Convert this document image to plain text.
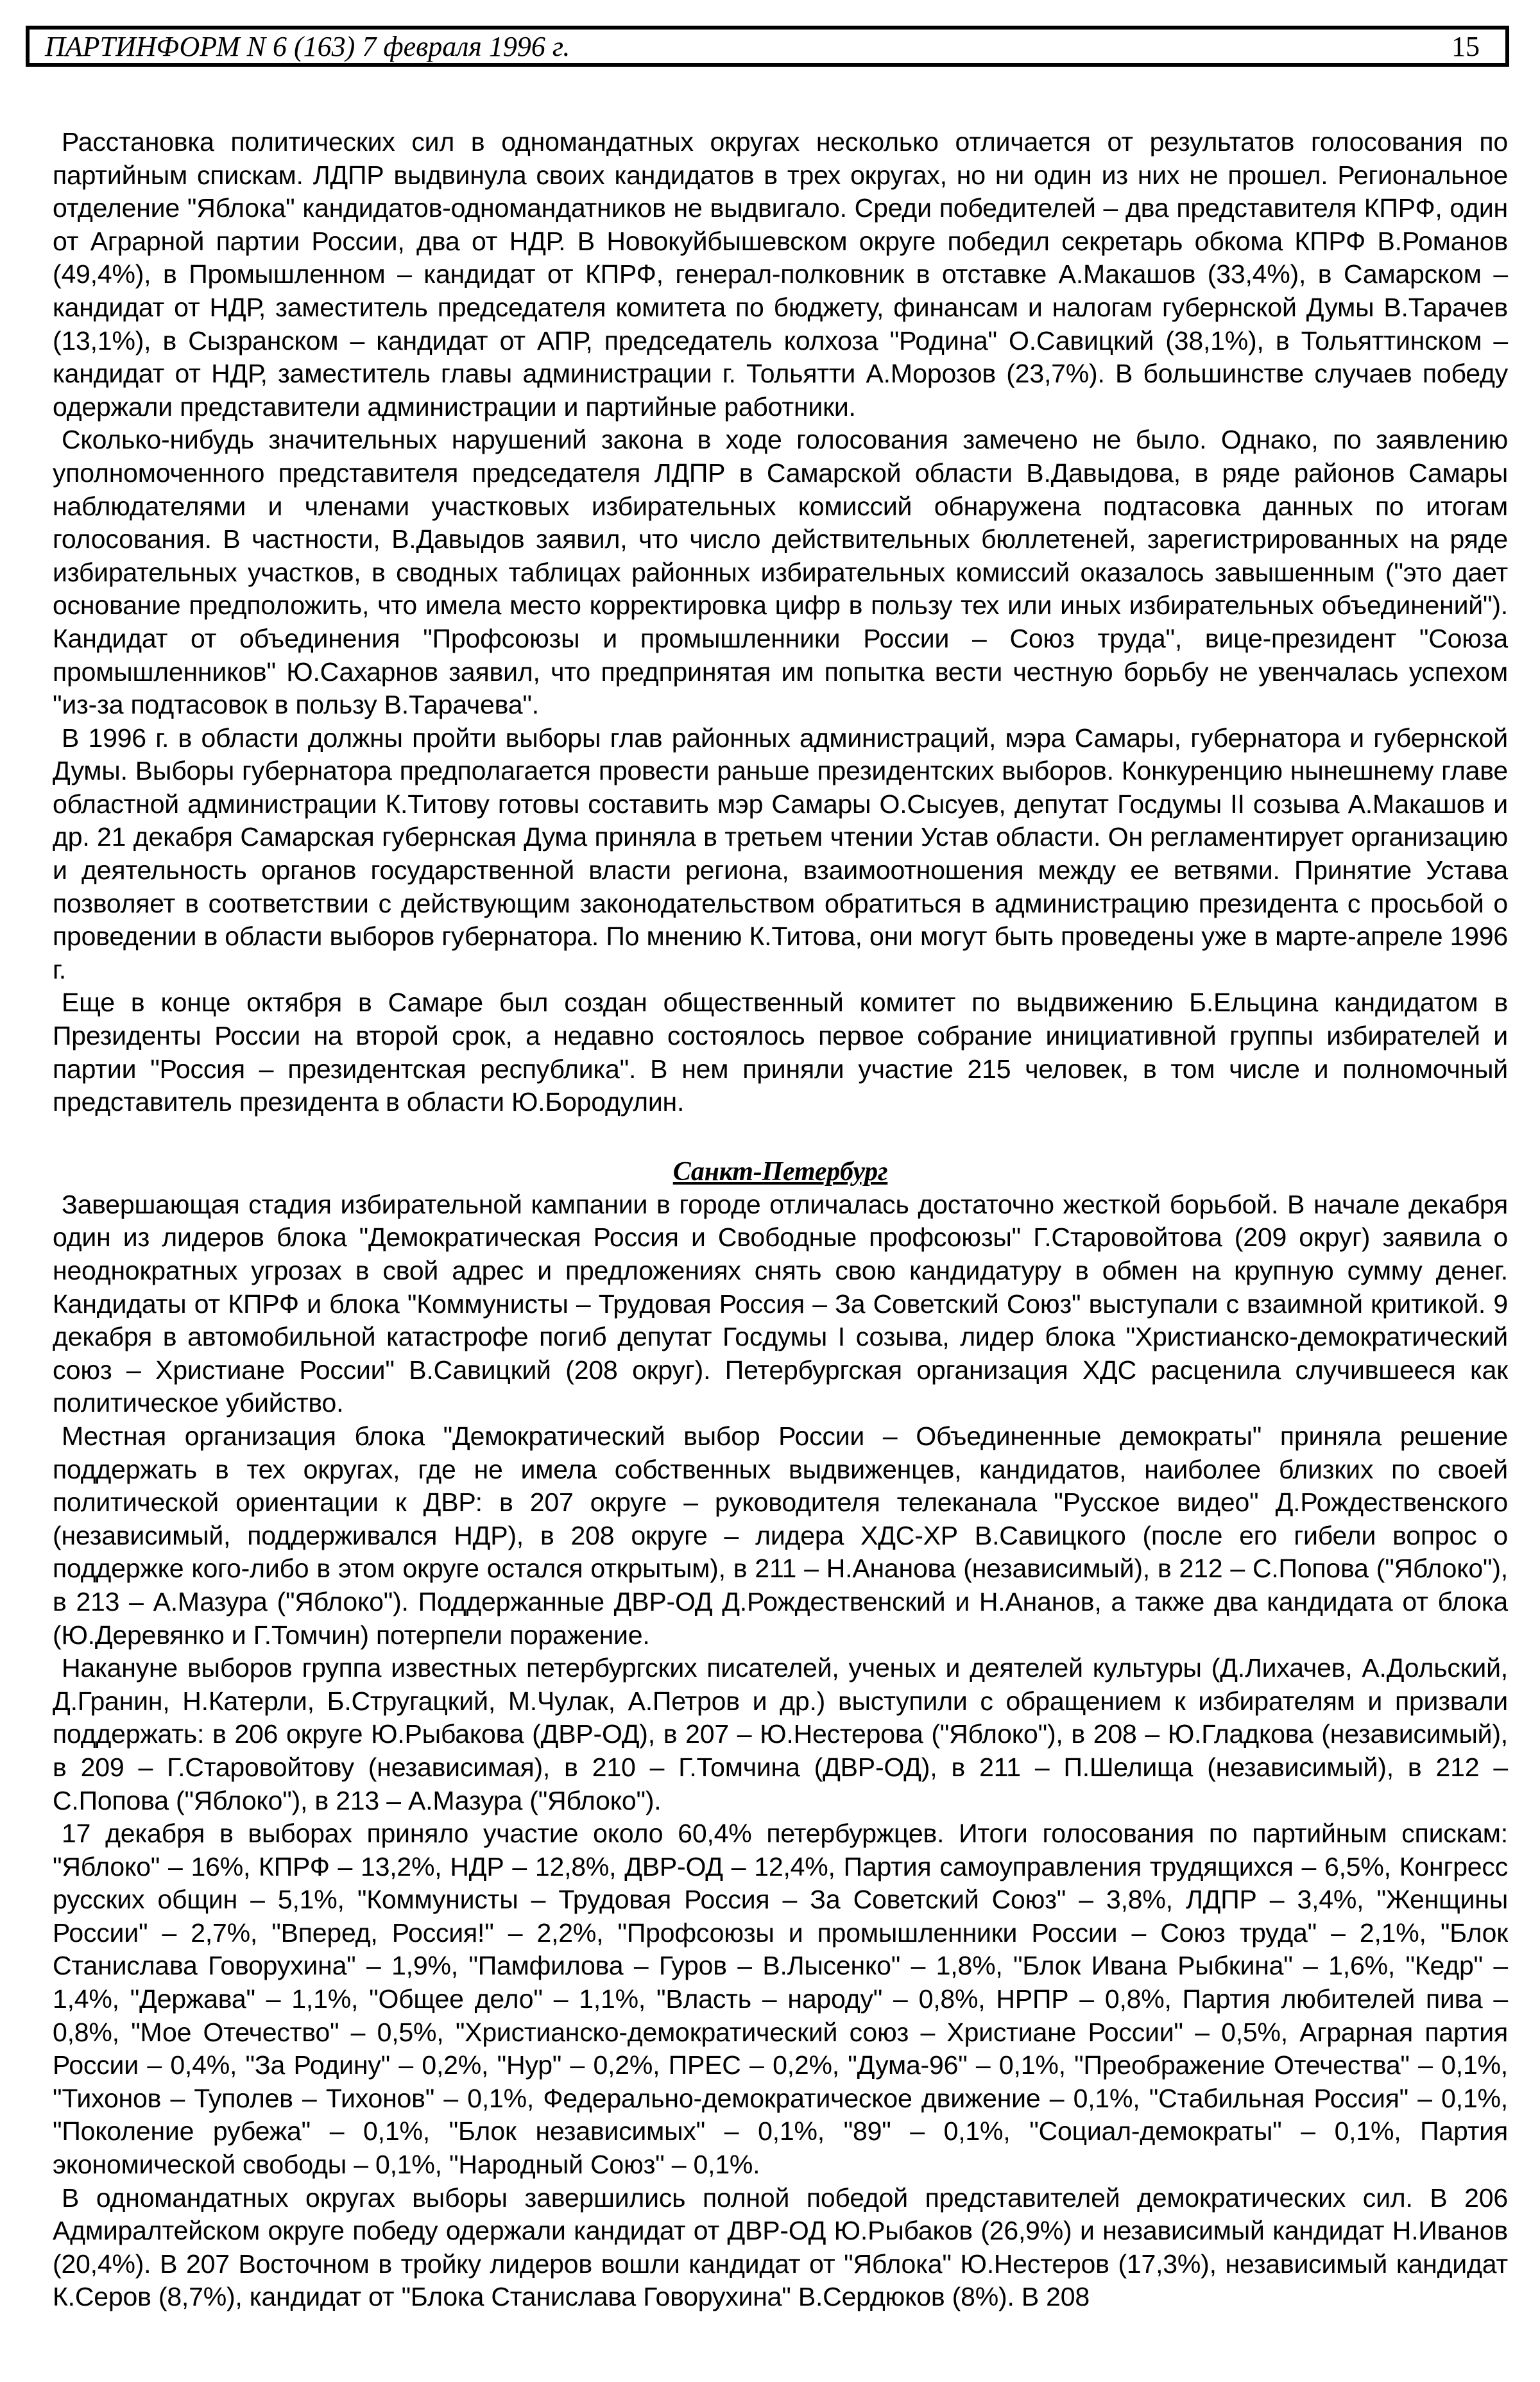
ПАРТИНФОРМ N 6 (163) 7 февраля 1996 г.	15

Расстановка политических сил в одномандатных округах несколько отличается от результатов голосования по партийным спискам. ЛДПР выдвинула своих кандидатов в трех округах, но ни один из них не прошел. Региональное отделение "Яблока" кандидатов-одномандатников не выдвигало. Среди победителей – два представителя КПРФ, один от Аграрной партии России, два от НДР. В Новокуйбышевском округе победил секретарь обкома КПРФ В.Романов (49,4%), в Промышленном – кандидат от КПРФ, генерал-полковник в отставке А.Макашов (33,4%), в Самарском – кандидат от НДР, заместитель председателя комитета по бюджету, финансам и налогам губернской Думы В.Тарачев (13,1%), в Сызранском – кандидат от АПР, председатель колхоза "Родина" О.Савицкий (38,1%), в Тольяттинском – кандидат от НДР, заместитель главы администрации г. Тольятти А.Морозов (23,7%). В большинстве случаев победу одержали представители администрации и партийные работники.

Сколько-нибудь значительных нарушений закона в ходе голосования замечено не было. Однако, по заявлению уполномоченного представителя председателя ЛДПР в Самарской области В.Давыдова, в ряде районов Самары наблюдателями и членами участковых избирательных комиссий обнаружена подтасовка данных по итогам голосования. В частности, В.Давыдов заявил, что число действительных бюллетеней, зарегистрированных на ряде избирательных участков, в сводных таблицах районных избирательных комиссий оказалось завышенным ("это дает основание предположить, что имела место корректировка цифр в пользу тех или иных избирательных объединений"). Кандидат от объединения "Профсоюзы и промышленники России – Союз труда", вице-президент "Союза промышленников" Ю.Сахарнов заявил, что предпринятая им попытка вести честную борьбу не увенчалась успехом "из-за подтасовок в пользу В.Тарачева".

В 1996 г. в области должны пройти выборы глав районных администраций, мэра Самары, губернатора и губернской Думы. Выборы губернатора предполагается провести раньше президентских выборов. Конкуренцию нынешнему главе областной администрации К.Титову готовы составить мэр Самары О.Сысуев, депутат Госдумы II созыва А.Макашов и др. 21 декабря Самарская губернская Дума приняла в третьем чтении Устав области. Он регламентирует организацию и деятельность органов государственной власти региона, взаимоотношения между ее ветвями. Принятие Устава позволяет в соответствии с действующим законодательством обратиться в администрацию президента с просьбой о проведении в области выборов губернатора. По мнению К.Титова, они могут быть проведены уже в марте-апреле 1996 г.

Еще в конце октября в Самаре был создан общественный комитет по выдвижению Б.Ельцина кандидатом в Президенты России на второй срок, а недавно состоялось первое собрание инициативной группы избирателей и партии "Россия – президентская республика". В нем приняли участие 215 человек, в том числе и полномочный представитель президента в области Ю.Бородулин.

Санкт-Петербург

Завершающая стадия избирательной кампании в городе отличалась достаточно жесткой борьбой. В начале декабря один из лидеров блока "Демократическая Россия и Свободные профсоюзы" Г.Старовойтова (209 округ) заявила о неоднократных угрозах в свой адрес и предложениях снять свою кандидатуру в обмен на крупную сумму денег. Кандидаты от КПРФ и блока "Коммунисты – Трудовая Россия – За Советский Союз" выступали с взаимной критикой. 9 декабря в автомобильной катастрофе погиб депутат Госдумы I созыва, лидер блока "Христианско-демократический союз – Христиане России" В.Савицкий (208 округ). Петербургская организация ХДС расценила случившееся как политическое убийство.

Местная организация блока "Демократический выбор России – Объединенные демократы" приняла решение поддержать в тех округах, где не имела собственных выдвиженцев, кандидатов, наиболее близких по своей политической ориентации к ДВР: в 207 округе – руководителя телеканала "Русское видео" Д.Рождественского (независимый, поддерживался НДР), в 208 округе – лидера ХДС-ХР В.Савицкого (после его гибели вопрос о поддержке кого-либо в этом округе остался открытым), в 211 – Н.Ананова (независимый), в 212 – С.Попова ("Яблоко"), в 213 – А.Мазура ("Яблоко"). Поддержанные ДВР-ОД Д.Рождественский и Н.Ананов, а также два кандидата от блока (Ю.Деревянко и Г.Томчин) потерпели поражение.

Накануне выборов группа известных петербургских писателей, ученых и деятелей культуры (Д.Лихачев, А.Дольский, Д.Гранин, Н.Катерли, Б.Стругацкий, М.Чулак, А.Петров и др.) выступили с обращением к избирателям и призвали поддержать: в 206 округе Ю.Рыбакова (ДВР-ОД), в 207 – Ю.Нестерова ("Яблоко"), в 208 – Ю.Гладкова (независимый), в 209 – Г.Старовойтову (независимая), в 210 – Г.Томчина (ДВР-ОД), в 211 – П.Шелища (независимый), в 212 – С.Попова ("Яблоко"), в 213 – А.Мазура ("Яблоко").

17 декабря в выборах приняло участие около 60,4% петербуржцев. Итоги голосования по партийным спискам: "Яблоко" – 16%, КПРФ – 13,2%, НДР – 12,8%, ДВР-ОД – 12,4%, Партия самоуправления трудящихся – 6,5%, Конгресс русских общин – 5,1%, "Коммунисты – Трудовая Россия – За Советский Союз" – 3,8%, ЛДПР – 3,4%, "Женщины России" – 2,7%, "Вперед, Россия!" – 2,2%, "Профсоюзы и промышленники России – Союз труда" – 2,1%, "Блок Станислава Говорухина" – 1,9%, "Памфилова – Гуров – В.Лысенко" – 1,8%, "Блок Ивана Рыбкина" – 1,6%, "Кедр" – 1,4%, "Держава" – 1,1%, "Общее дело" – 1,1%, "Власть – народу" – 0,8%, НРПР – 0,8%, Партия любителей пива – 0,8%, "Мое Отечество" – 0,5%, "Христианско-демократический союз – Христиане России" – 0,5%, Аграрная партия России – 0,4%, "За Родину" – 0,2%, "Нур" – 0,2%, ПРЕС – 0,2%, "Дума-96" – 0,1%, "Преображение Отечества" – 0,1%, "Тихонов – Туполев – Тихонов" – 0,1%, Федерально-демократическое движение – 0,1%, "Стабильная Россия" – 0,1%, "Поколение рубежа" – 0,1%, "Блок независимых" – 0,1%, "89" – 0,1%, "Социал-демократы" – 0,1%, Партия экономической свободы – 0,1%, "Народный Союз" – 0,1%.

В одномандатных округах выборы завершились полной победой представителей демократических сил. В 206 Адмиралтейском округе победу одержали кандидат от ДВР-ОД Ю.Рыбаков (26,9%) и независимый кандидат Н.Иванов (20,4%). В 207 Восточном в тройку лидеров вошли кандидат от "Яблока" Ю.Нестеров (17,3%), независимый кандидат К.Серов (8,7%), кандидат от "Блока Станислава Говорухина" В.Сердюков (8%). В 208
